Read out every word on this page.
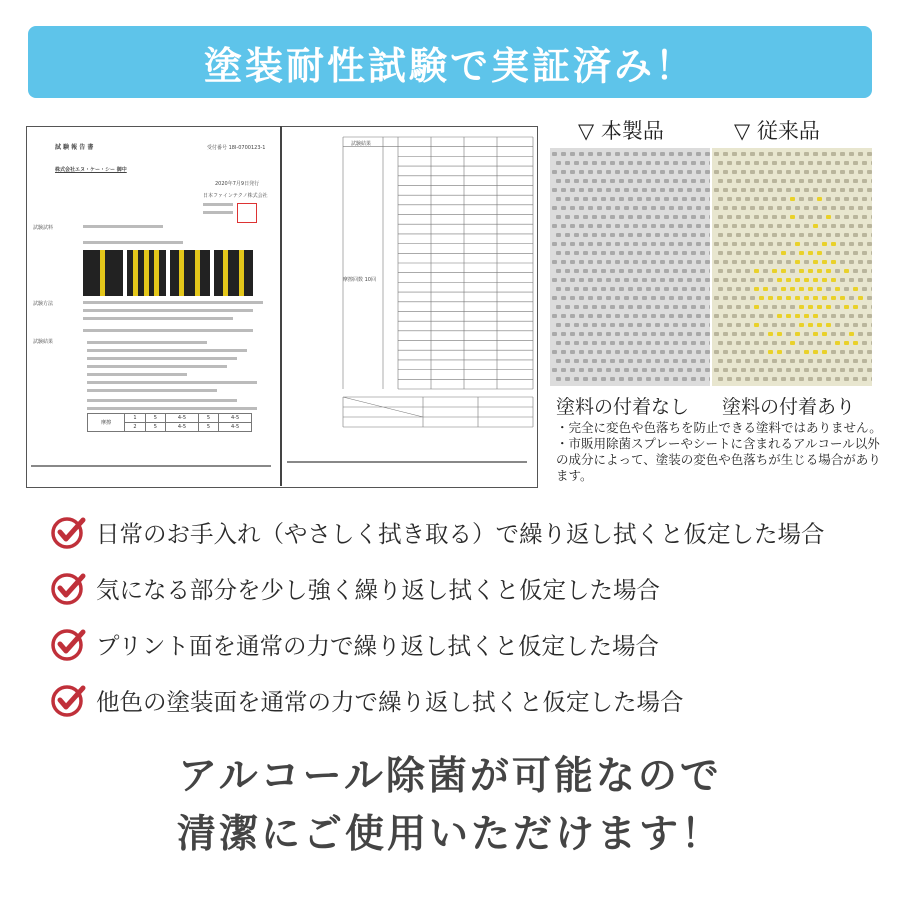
塗装耐性試験で実証済み！
試 験 報 告 書	受付番号 18I-0700123-1
株式会社エヌ・ケー・シー 御中
2020年7月9日発行
日本ファインテクノ株式会社
試験試料
試験方法
試験結果
摩擦	1	5	4-5	5	4-5
	2	5	4-5	5	4-5
試験結果
摩擦回数 10回
▽ 本製品	▽ 従来品
塗料の付着なし 塗料の付着あり

・完全に変色や色落ちを防止できる塗料ではありません。

・市販用除菌スプレーやシートに含まれるアルコール以外の成分によって、塗装の変色や色落ちが生じる場合があります。

日常のお手入れ（やさしく拭き取る）で繰り返し拭くと仮定した場合
気になる部分を少し強く繰り返し拭くと仮定した場合
プリント面を通常の力で繰り返し拭くと仮定した場合
他色の塗装面を通常の力で繰り返し拭くと仮定した場合
アルコール除菌が可能なので
清潔にご使用いただけます！
